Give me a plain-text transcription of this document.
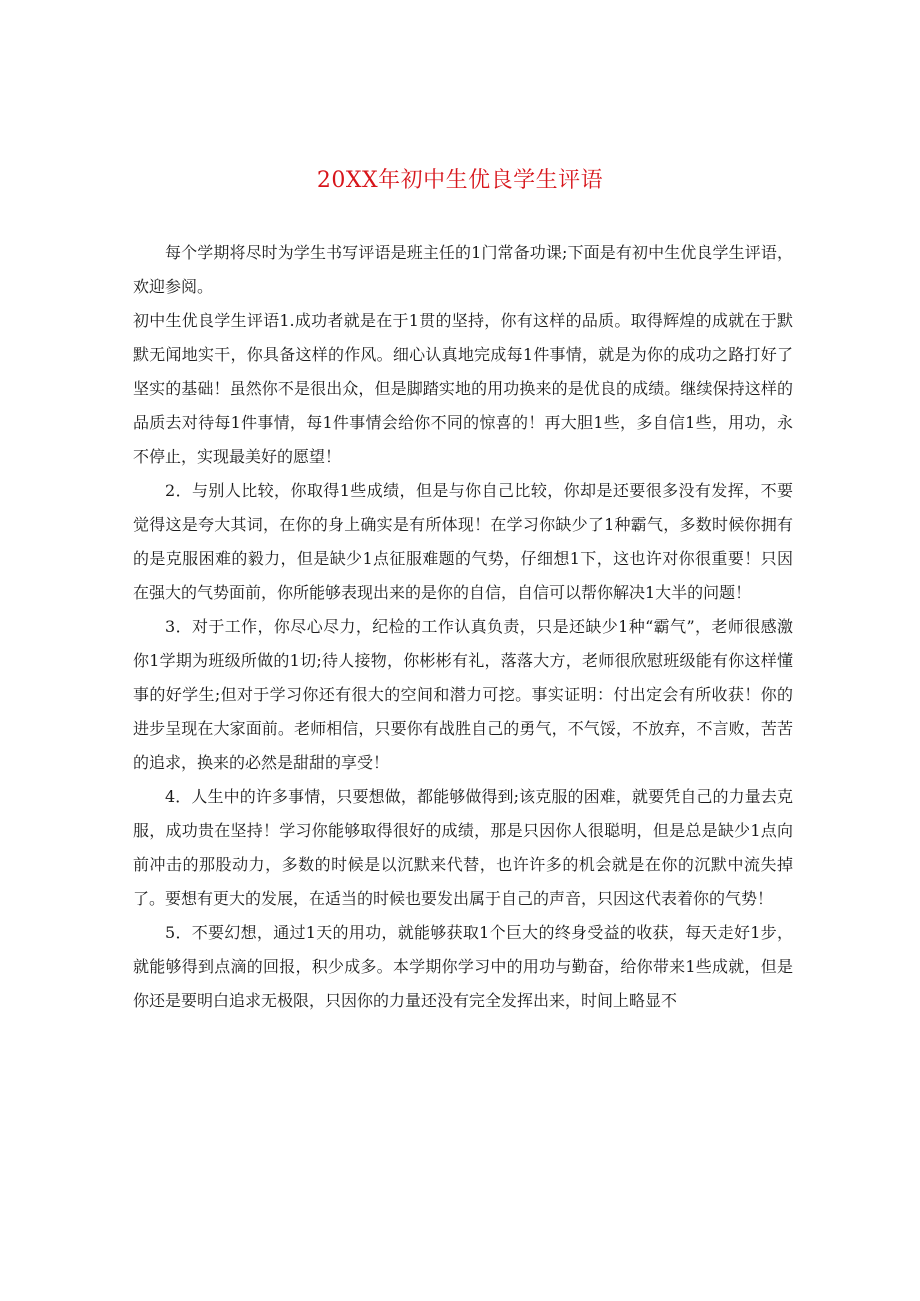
20XX年初中生优良学生评语

每个学期将尽时为学生书写评语是班主任的1门常备功课;下面是有初中生优良学生评语，欢迎参阅。

初中生优良学生评语1.成功者就是在于1贯的坚持，你有这样的品质。取得辉煌的成就在于默默无闻地实干，你具备这样的作风。细心认真地完成每1件事情，就是为你的成功之路打好了坚实的基础！虽然你不是很出众，但是脚踏实地的用功换来的是优良的成绩。继续保持这样的品质去对待每1件事情，每1件事情会给你不同的惊喜的！再大胆1些，多自信1些，用功，永不停止，实现最美好的愿望！

2．与别人比较，你取得1些成绩，但是与你自己比较，你却是还要很多没有发挥，不要觉得这是夸大其词，在你的身上确实是有所体现！在学习你缺少了1种霸气，多数时候你拥有的是克服困难的毅力，但是缺少1点征服难题的气势，仔细想1下，这也许对你很重要！只因在强大的气势面前，你所能够表现出来的是你的自信，自信可以帮你解决1大半的问题！

3．对于工作，你尽心尽力，纪检的工作认真负责，只是还缺少1种“霸气”，老师很感激你1学期为班级所做的1切;待人接物，你彬彬有礼，落落大方，老师很欣慰班级能有你这样懂事的好学生;但对于学习你还有很大的空间和潜力可挖。事实证明：付出定会有所收获！你的进步呈现在大家面前。老师相信，只要你有战胜自己的勇气，不气馁，不放弃，不言败，苦苦的追求，换来的必然是甜甜的享受！

4．人生中的许多事情，只要想做，都能够做得到;该克服的困难，就要凭自己的力量去克服，成功贵在坚持！学习你能够取得很好的成绩，那是只因你人很聪明，但是总是缺少1点向前冲击的那股动力，多数的时候是以沉默来代替，也许许多的机会就是在你的沉默中流失掉了。要想有更大的发展，在适当的时候也要发出属于自己的声音，只因这代表着你的气势！

5．不要幻想，通过1天的用功，就能够获取1个巨大的终身受益的收获，每天走好1步，就能够得到点滴的回报，积少成多。本学期你学习中的用功与勤奋，给你带来1些成就，但是你还是要明白追求无极限，只因你的力量还没有完全发挥出来，时间上略显不
